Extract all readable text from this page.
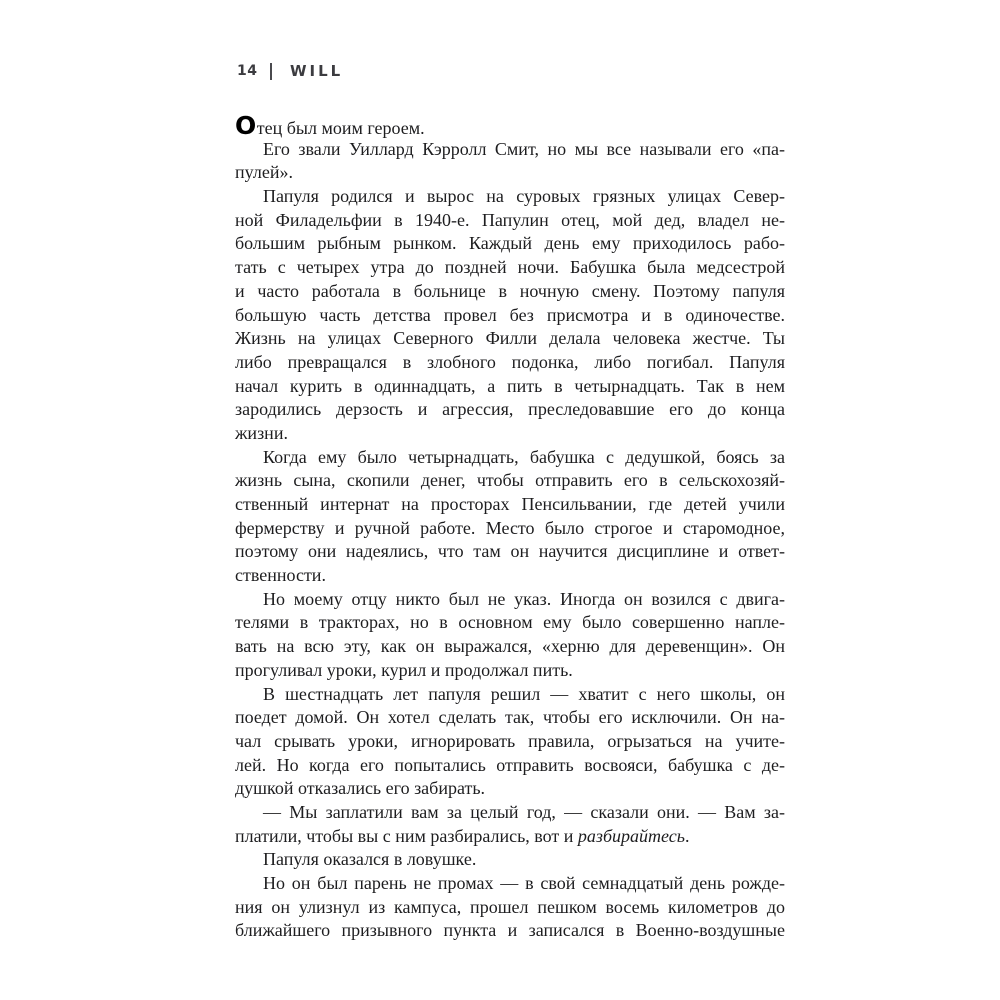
14 WILL
Отец был моим героем.
Его звали Уиллард Кэрролл Смит, но мы все называли его «па-
пулей».
Папуля родился и вырос на суровых грязных улицах Север-
ной Филадельфии в 1940-е. Папулин отец, мой дед, владел не-
большим рыбным рынком. Каждый день ему приходилось рабо-
тать с четырех утра до поздней ночи. Бабушка была медсестрой
и часто работала в больнице в ночную смену. Поэтому папуля
большую часть детства провел без присмотра и в одиночестве.
Жизнь на улицах Северного Филли делала человека жестче. Ты
либо превращался в злобного подонка, либо погибал. Папуля
начал курить в одиннадцать, а пить в четырнадцать. Так в нем
зародились дерзость и агрессия, преследовавшие его до конца
жизни.
Когда ему было четырнадцать, бабушка с дедушкой, боясь за
жизнь сына, скопили денег, чтобы отправить его в сельскохозяй-
ственный интернат на просторах Пенсильвании, где детей учили
фермерству и ручной работе. Место было строгое и старомодное,
поэтому они надеялись, что там он научится дисциплине и ответ-
ственности.
Но моему отцу никто был не указ. Иногда он возился с двига-
телями в тракторах, но в основном ему было совершенно напле-
вать на всю эту, как он выражался, «херню для деревенщин». Он
прогуливал уроки, курил и продолжал пить.
В шестнадцать лет папуля решил — хватит с него школы, он
поедет домой. Он хотел сделать так, чтобы его исключили. Он на-
чал срывать уроки, игнорировать правила, огрызаться на учите-
лей. Но когда его попытались отправить восвояси, бабушка с де-
душкой отказались его забирать.
— Мы заплатили вам за целый год, — сказали они. — Вам за-
платили, чтобы вы с ним разбирались, вот и разбирайтесь.
Папуля оказался в ловушке.
Но он был парень не промах — в свой семнадцатый день рожде-
ния он улизнул из кампуса, прошел пешком восемь километров до
ближайшего призывного пункта и записался в Военно-воздушные
